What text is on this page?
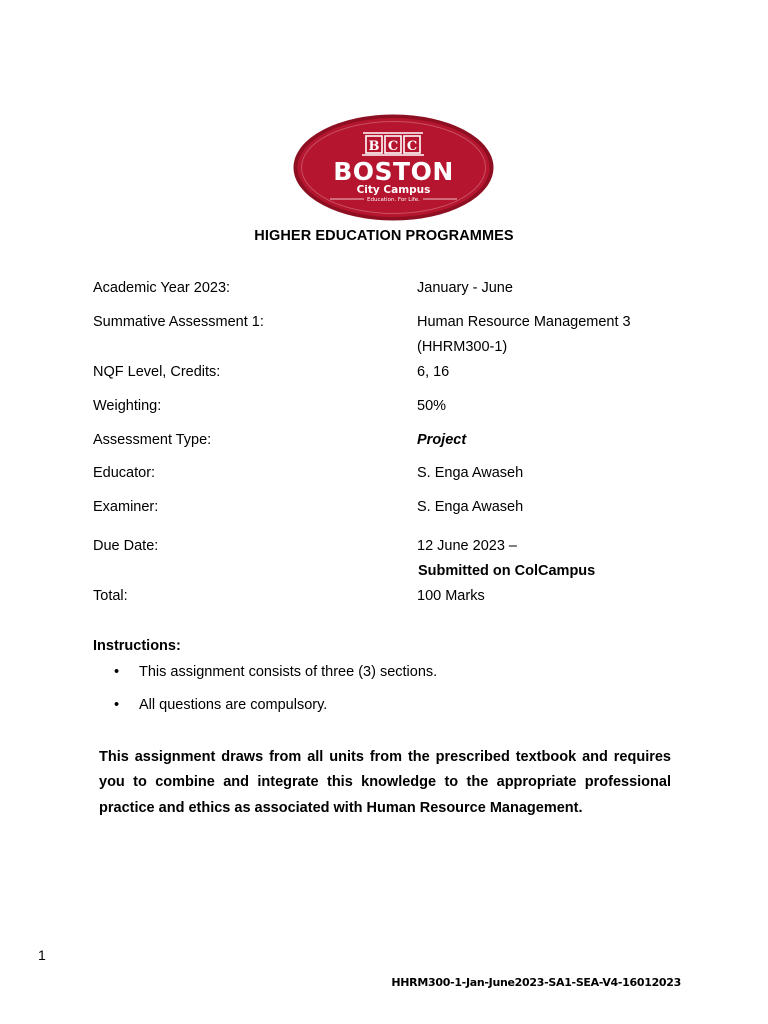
B C C
BOSTON
City Campus
Education. For Life.
HIGHER EDUCATION PROGRAMMES
Academic Year 2023:	January - June
Summative Assessment 1:	Human Resource Management 3
(HHRM300-1)
NQF Level, Credits:	6, 16
Weighting:	50%
Assessment Type:	Project
Educator:	S. Enga Awaseh
Examiner:	S. Enga Awaseh
Due Date:	12 June 2023 –
Submitted on ColCampus
Total:	100 Marks
Instructions:
• This assignment consists of three (3) sections.
• All questions are compulsory.
This assignment draws from all units from the prescribed textbook and requires you to combine and integrate this knowledge to the appropriate professional practice and ethics as associated with Human Resource Management.
1
HHRM300-1-Jan-June2023-SA1-SEA-V4-16012023
